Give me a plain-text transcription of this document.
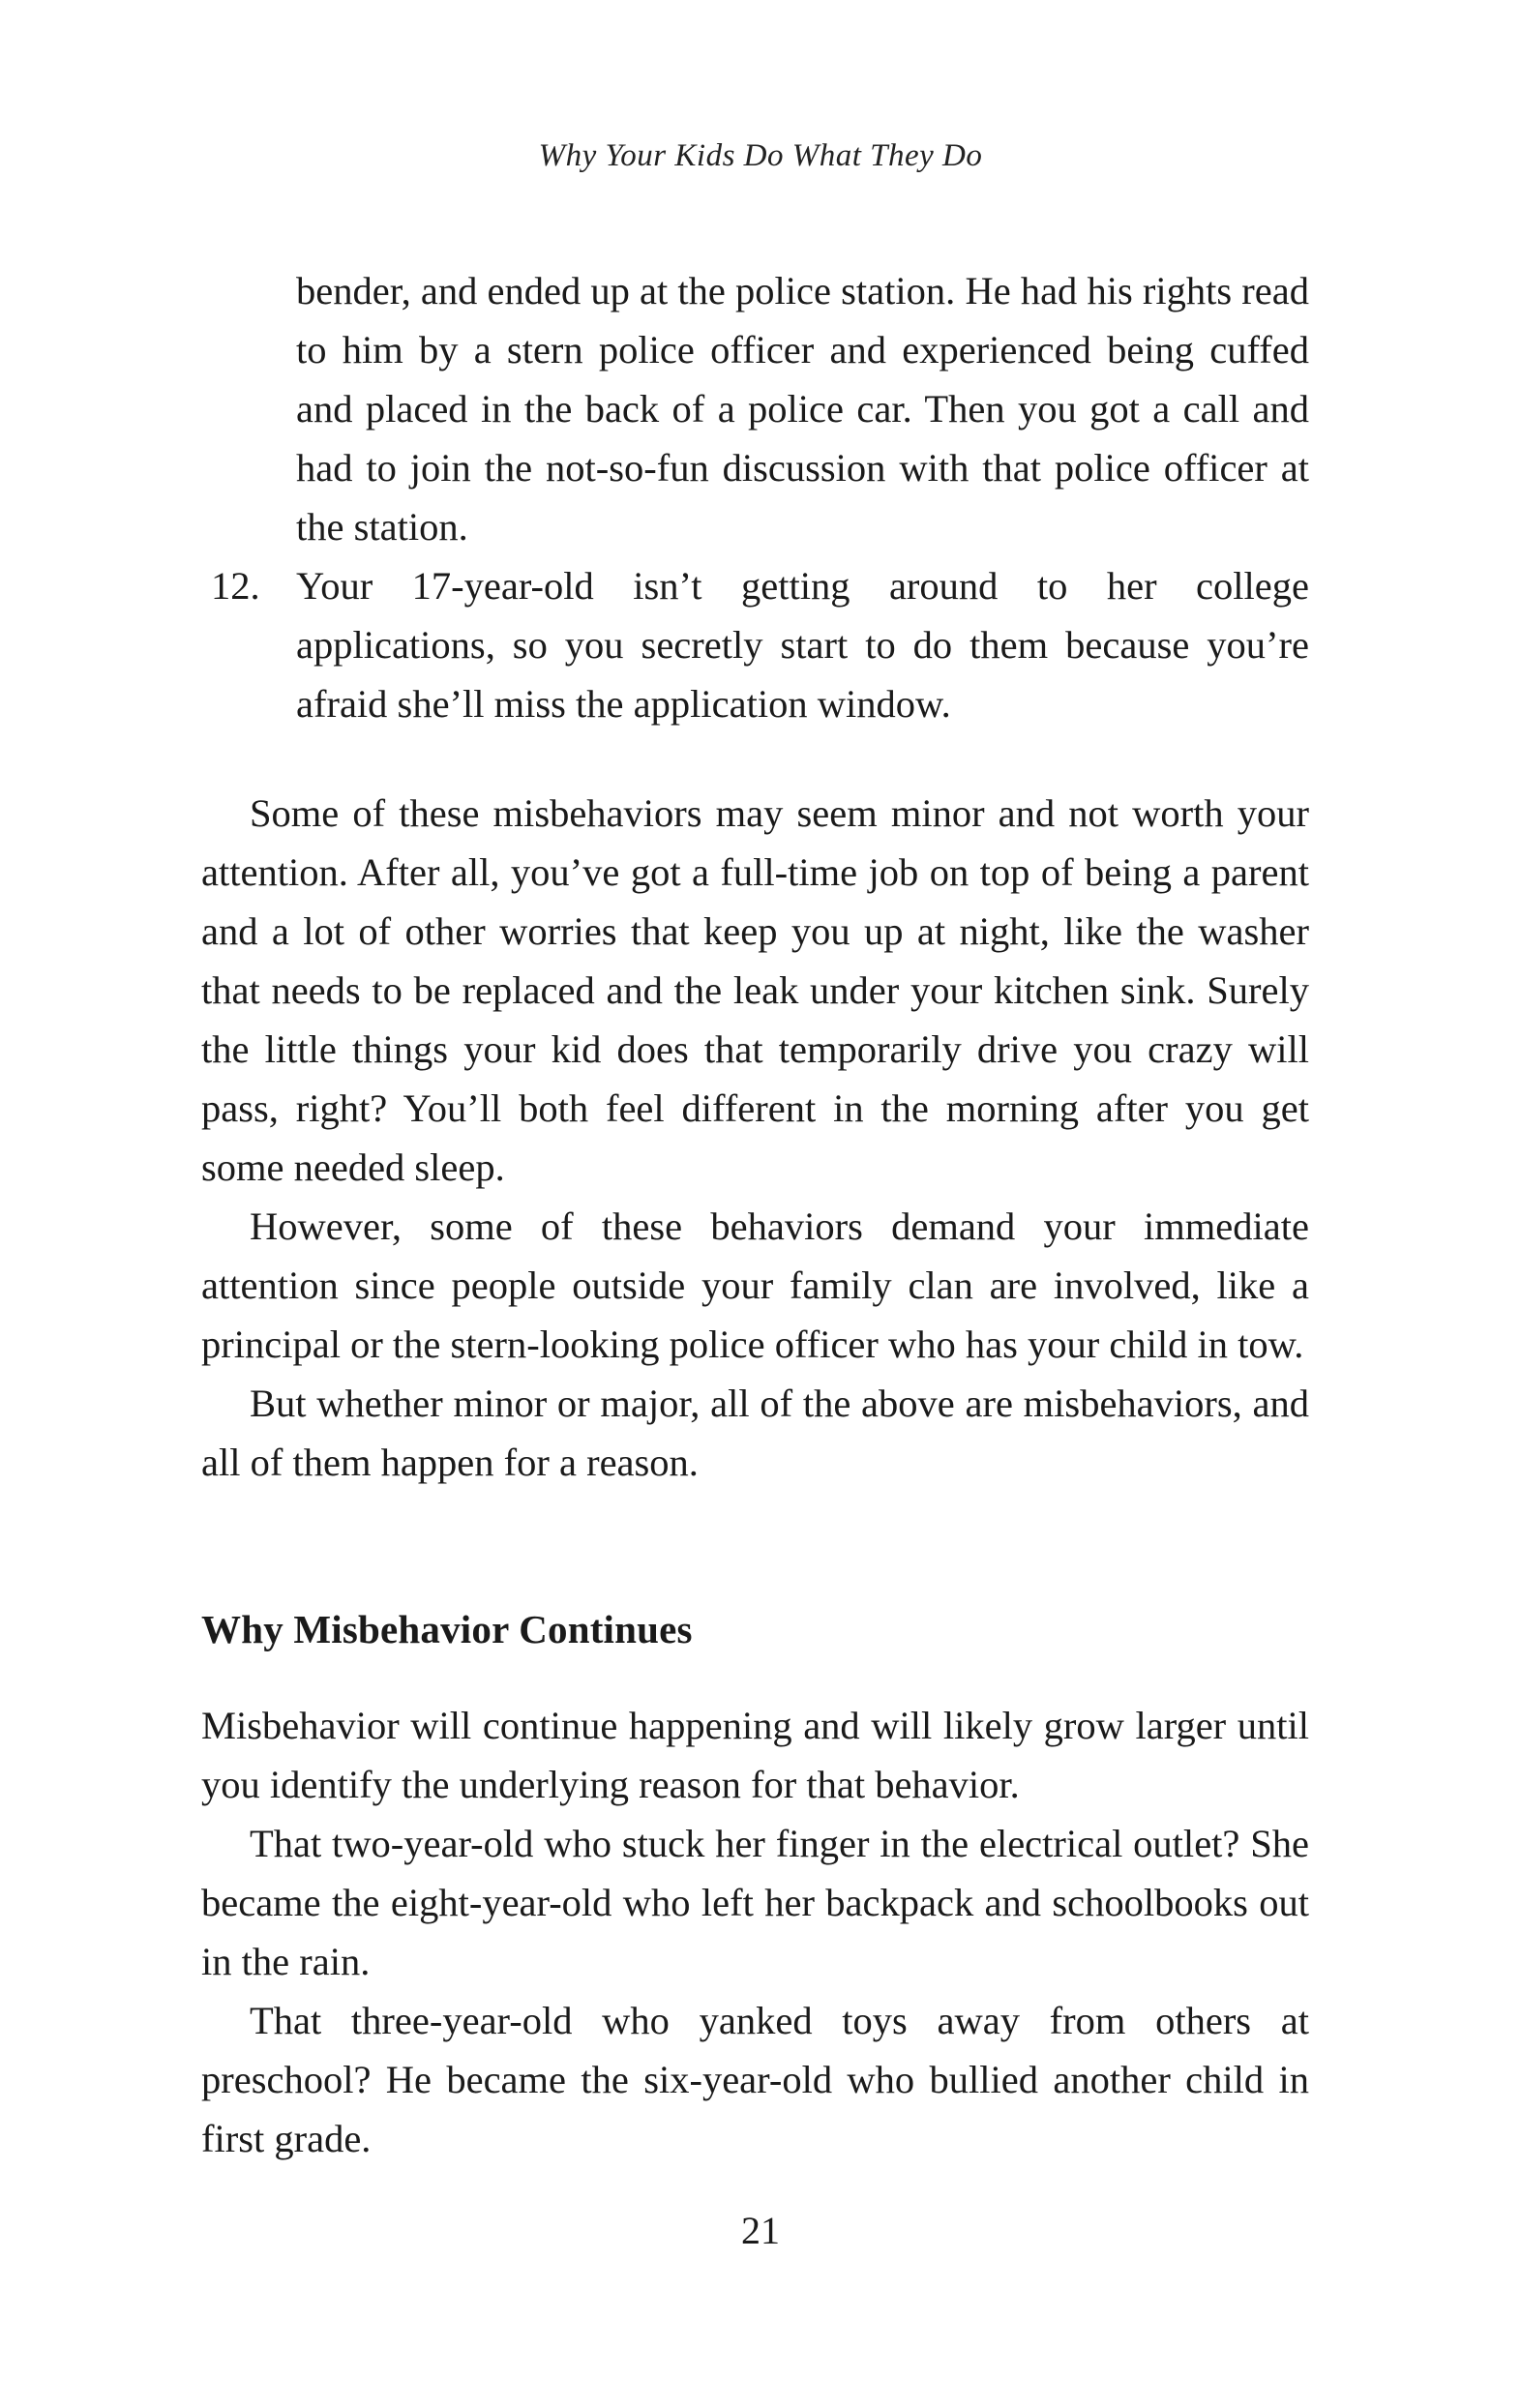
Why Your Kids Do What They Do

bender, and ended up at the police station. He had his rights read to him by a stern police officer and experienced being cuffed and placed in the back of a police car. Then you got a call and had to join the not-so-fun discussion with that police officer at the station.

12. Your 17-year-old isn’t getting around to her college applications, so you secretly start to do them because you’re afraid she’ll miss the application window.

Some of these misbehaviors may seem minor and not worth your attention. After all, you’ve got a full-time job on top of being a parent and a lot of other worries that keep you up at night, like the washer that needs to be replaced and the leak under your kitchen sink. Surely the little things your kid does that temporarily drive you crazy will pass, right? You’ll both feel different in the morning after you get some needed sleep.

However, some of these behaviors demand your immediate attention since people outside your family clan are involved, like a principal or the stern-looking police officer who has your child in tow.

But whether minor or major, all of the above are misbehaviors, and all of them happen for a reason.

Why Misbehavior Continues

Misbehavior will continue happening and will likely grow larger until you identify the underlying reason for that behavior.

That two-year-old who stuck her finger in the electrical outlet? She became the eight-year-old who left her backpack and schoolbooks out in the rain.

That three-year-old who yanked toys away from others at preschool? He became the six-year-old who bullied another child in first grade.

21
